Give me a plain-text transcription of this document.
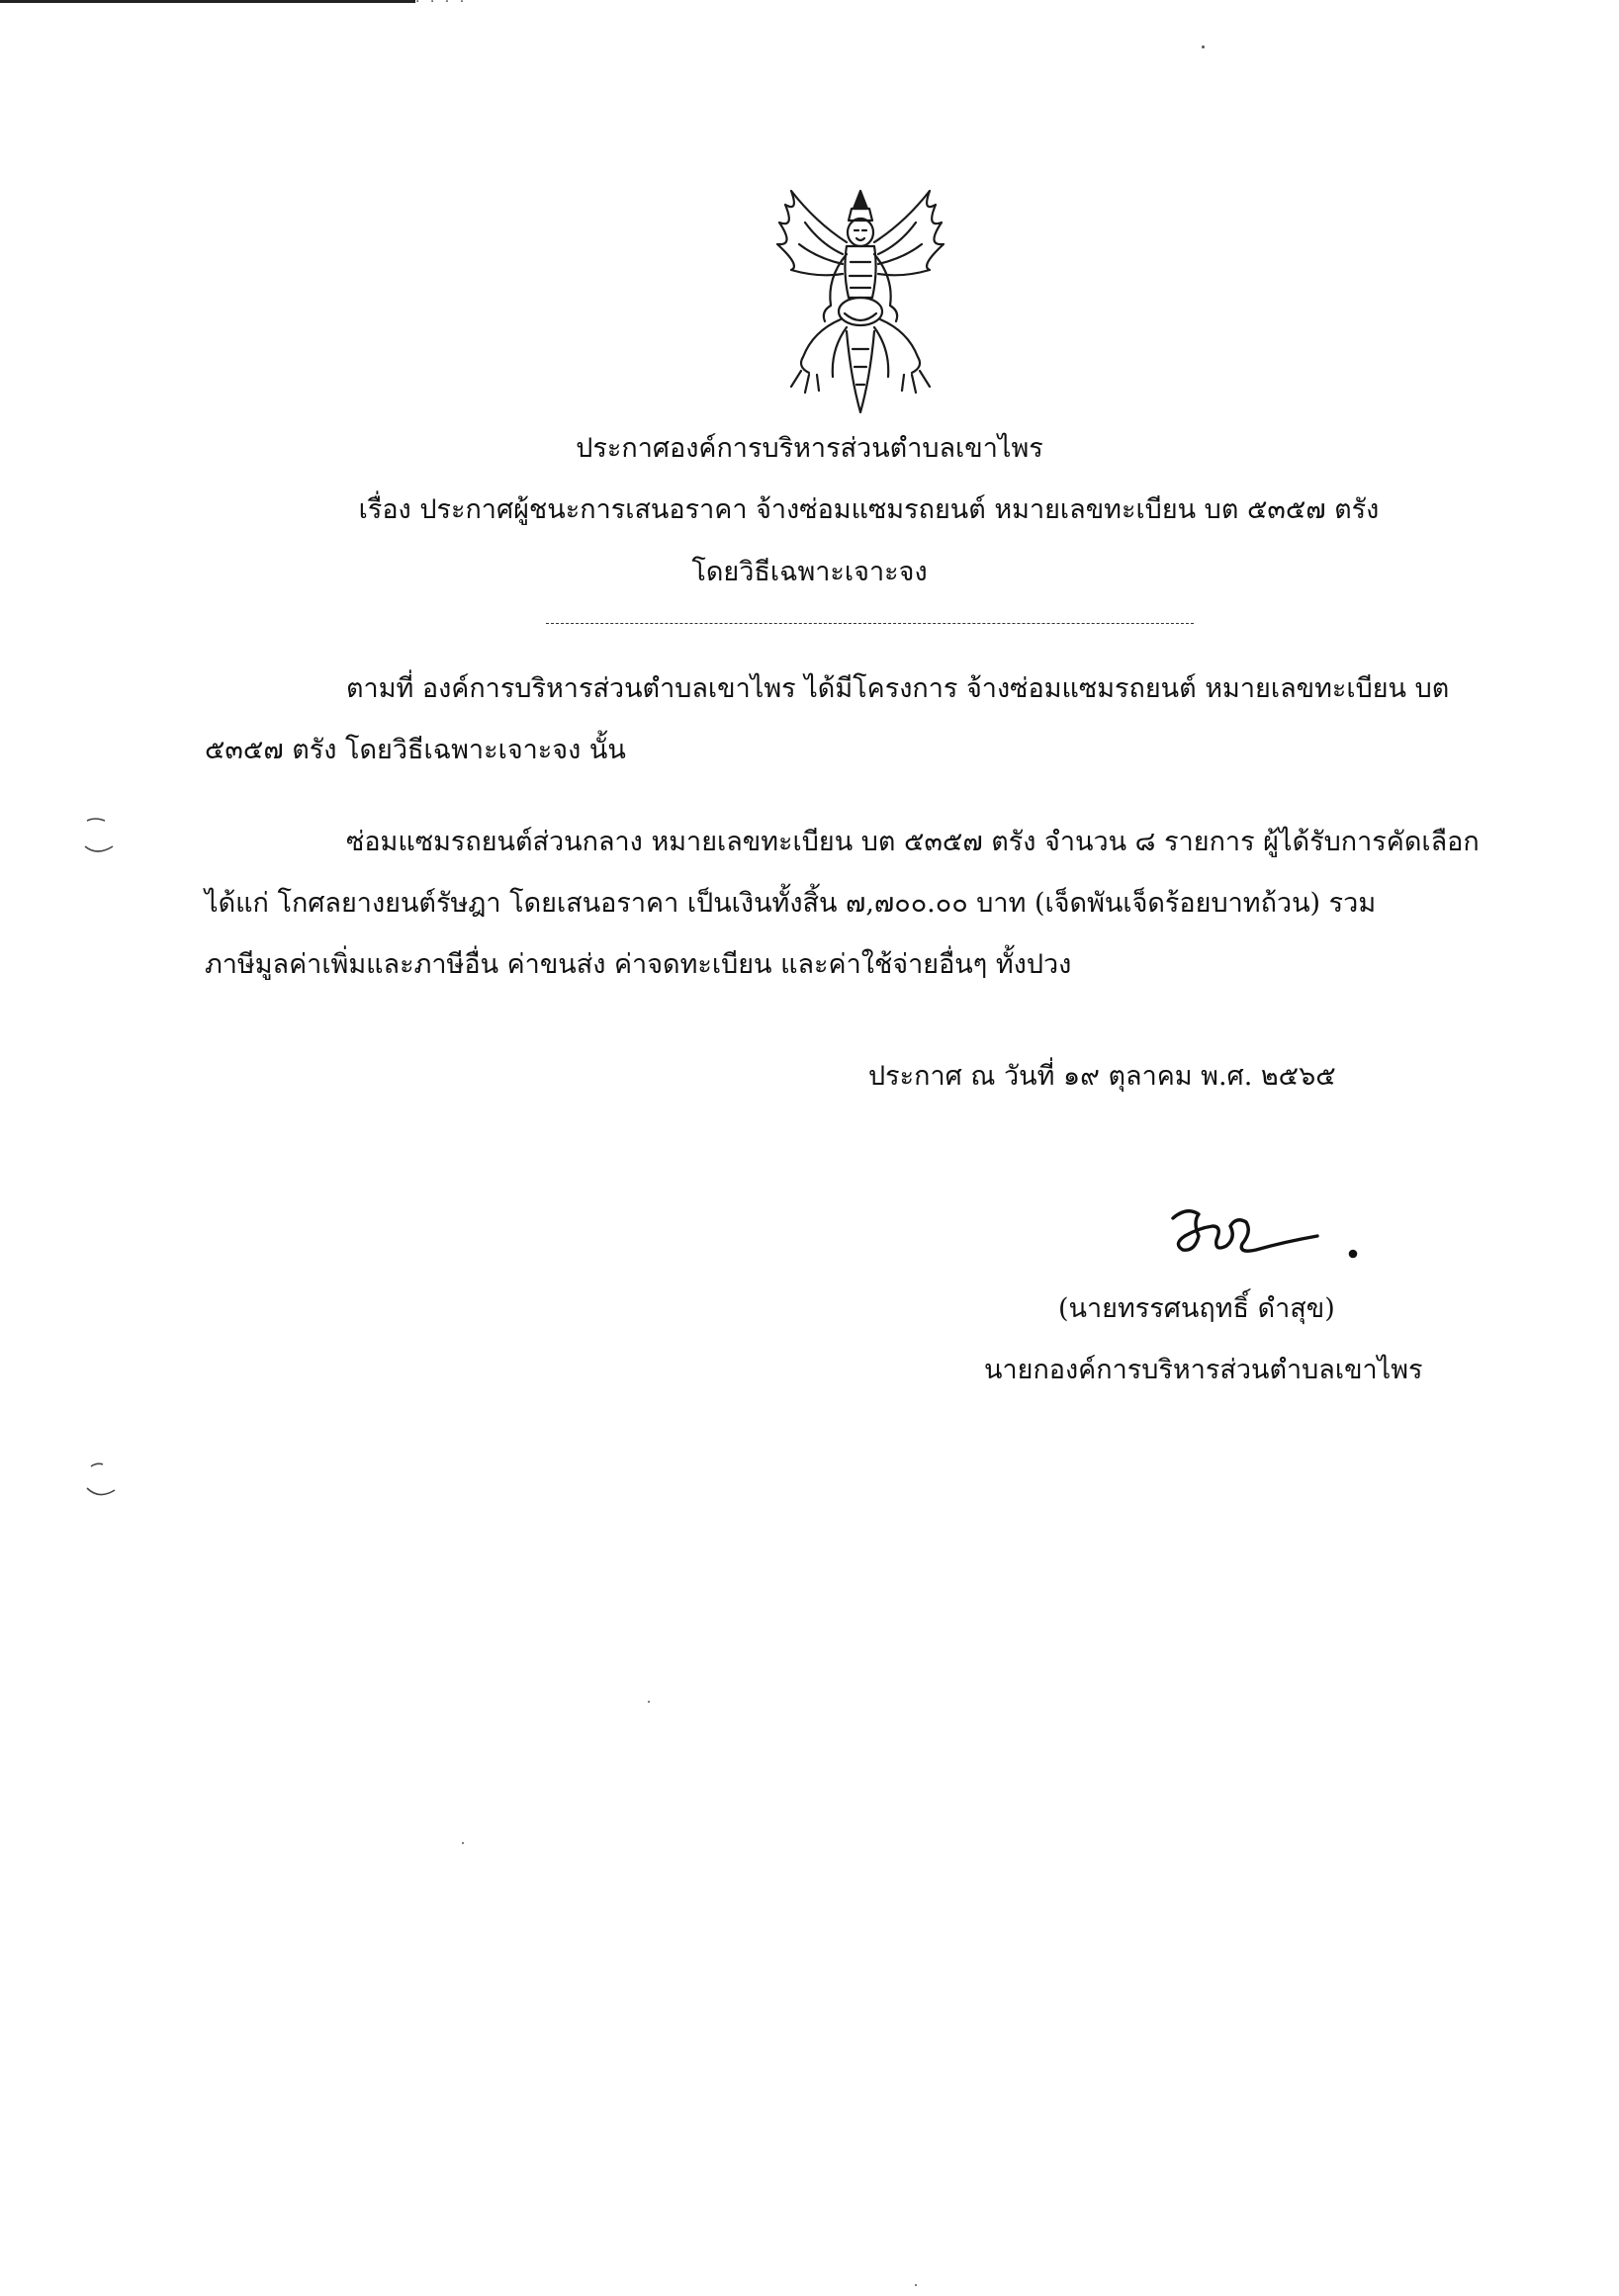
· · · ·
ประกาศองค์การบริหารส่วนตำบลเขาไพร
เรื่อง ประกาศผู้ชนะการเสนอราคา จ้างซ่อมแซมรถยนต์ หมายเลขทะเบียน บต ๕๓๕๗ ตรัง
โดยวิธีเฉพาะเจาะจง
ตามที่ องค์การบริหารส่วนตำบลเขาไพร ได้มีโครงการ จ้างซ่อมแซมรถยนต์ หมายเลขทะเบียน บต
๕๓๕๗ ตรัง โดยวิธีเฉพาะเจาะจง นั้น
ซ่อมแซมรถยนต์ส่วนกลาง หมายเลขทะเบียน บต ๕๓๕๗ ตรัง จำนวน ๘ รายการ ผู้ได้รับการคัดเลือก
ได้แก่ โกศลยางยนต์รัษฎา โดยเสนอราคา เป็นเงินทั้งสิ้น ๗,๗๐๐.๐๐ บาท (เจ็ดพันเจ็ดร้อยบาทถ้วน) รวม
ภาษีมูลค่าเพิ่มและภาษีอื่น ค่าขนส่ง ค่าจดทะเบียน และค่าใช้จ่ายอื่นๆ ทั้งปวง
ประกาศ ณ วันที่ ๑๙ ตุลาคม พ.ศ. ๒๕๖๕
(นายทรรศนฤทธิ์ ดำสุข)
นายกองค์การบริหารส่วนตำบลเขาไพร
